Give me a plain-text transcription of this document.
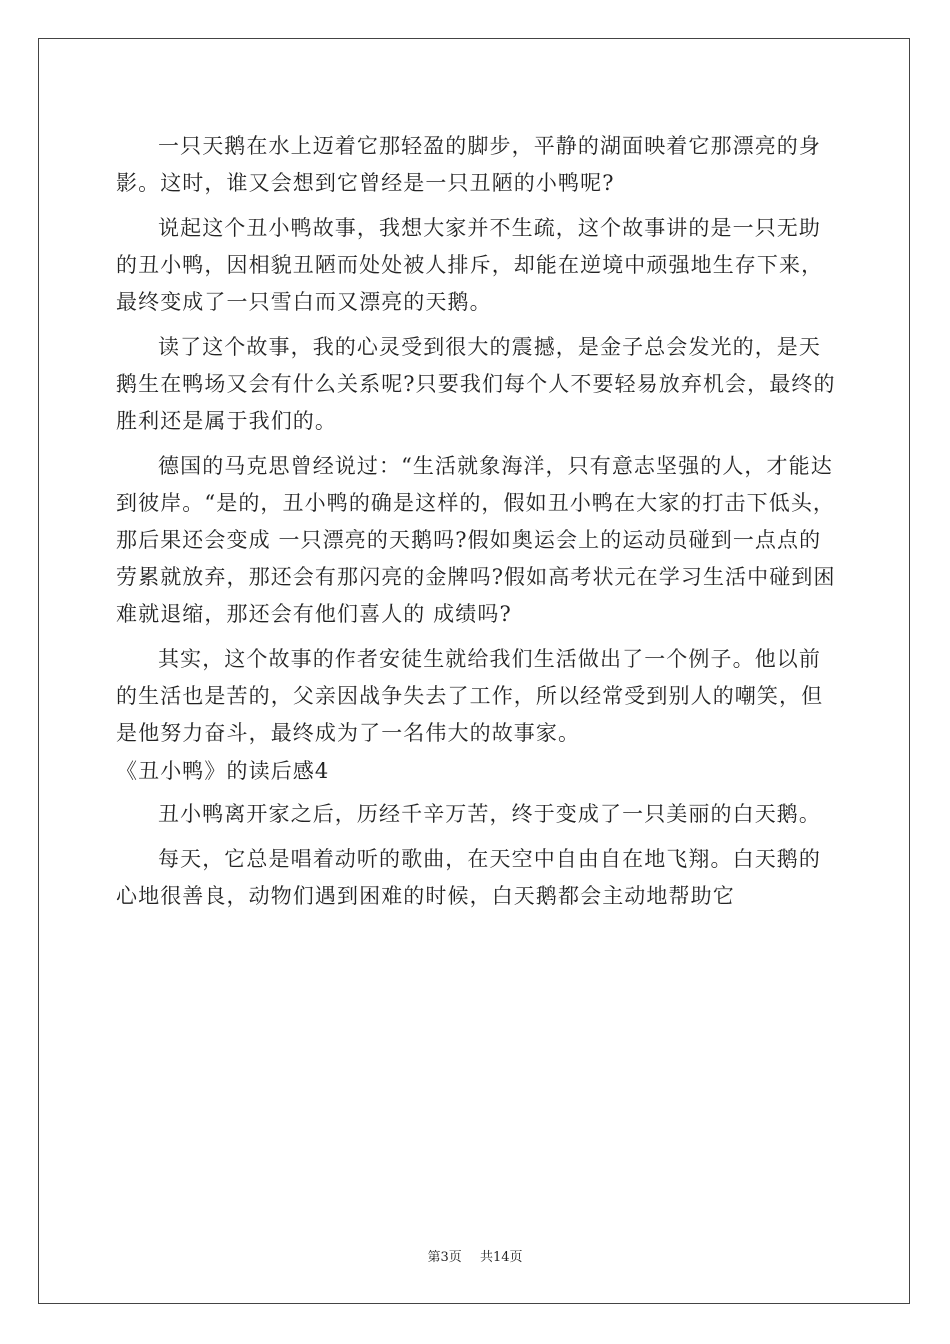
一只天鹅在水上迈着它那轻盈的脚步，平静的湖面映着它那漂亮的身影。这时，谁又会想到它曾经是一只丑陋的小鸭呢?

说起这个丑小鸭故事，我想大家并不生疏，这个故事讲的是一只无助的丑小鸭，因相貌丑陋而处处被人排斥，却能在逆境中顽强地生存下来，最终变成了一只雪白而又漂亮的天鹅。

读了这个故事，我的心灵受到很大的震撼，是金子总会发光的，是天鹅生在鸭场又会有什么关系呢?只要我们每个人不要轻易放弃机会，最终的胜利还是属于我们的。

德国的马克思曾经说过：“生活就象海洋，只有意志坚强的人，才能达到彼岸。“是的，丑小鸭的确是这样的，假如丑小鸭在大家的打击下低头，那后果还会变成 一只漂亮的天鹅吗?假如奥运会上的运动员碰到一点点的劳累就放弃，那还会有那闪亮的金牌吗?假如高考状元在学习生活中碰到困难就退缩，那还会有他们喜人的 成绩吗?

其实，这个故事的作者安徒生就给我们生活做出了一个例子。他以前的生活也是苦的，父亲因战争失去了工作，所以经常受到别人的嘲笑，但是他努力奋斗，最终成为了一名伟大的故事家。

《丑小鸭》的读后感4

丑小鸭离开家之后，历经千辛万苦，终于变成了一只美丽的白天鹅。

每天，它总是唱着动听的歌曲，在天空中自由自在地飞翔。白天鹅的心地很善良，动物们遇到困难的时候，白天鹅都会主动地帮助它

第3页 共14页
